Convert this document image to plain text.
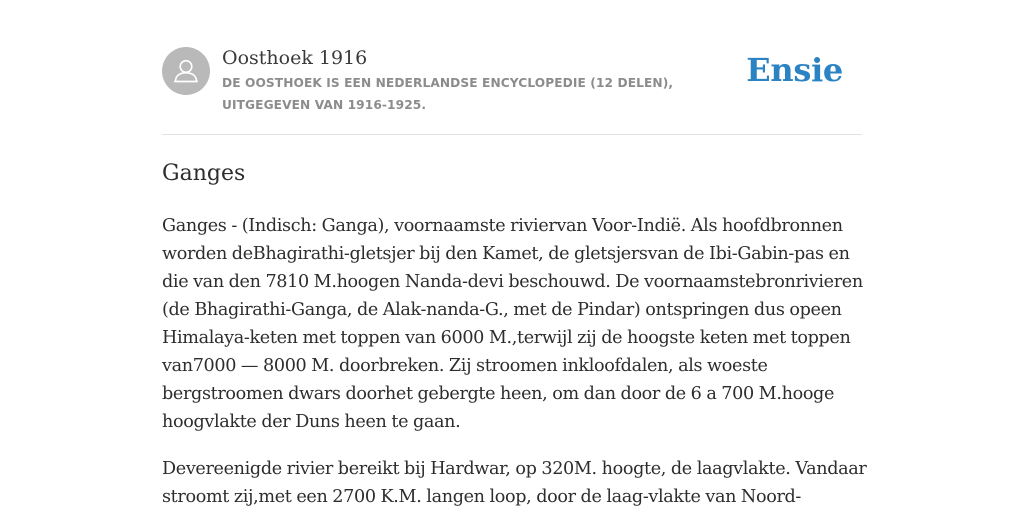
Oosthoek 1916
DE OOSTHOEK IS EEN NEDERLANDSE ENCYCLOPEDIE (12 DELEN), UITGEGEVEN VAN 1916-1925.
Ensie
Ganges

Ganges - (Indisch: Ganga), voornaamste riviervan Voor-Indië. Als hoofdbronnen worden deBhagirathi-gletsjer bij den Kamet, de gletsjersvan de Ibi-Gabin-pas en die van den 7810 M.hoogen Nanda-devi beschouwd. De voornaamstebronrivieren (de Bhagirathi-Ganga, de Alak-nanda-G., met de Pindar) ontspringen dus opeen Himalaya-keten met toppen van 6000 M.,terwijl zij de hoogste keten met toppen van7000 — 8000 M. doorbreken. Zij stroomen inkloofdalen, als woeste bergstroomen dwars doorhet gebergte heen, om dan door de 6 a 700 M.hooge hoogvlakte der Duns heen te gaan.

Devereenigde rivier bereikt bij Hardwar, op 320M. hoogte, de laagvlakte. Vandaar stroomt zij,met een 2700 K.M. langen loop, door de laag-vlakte van Noord-
